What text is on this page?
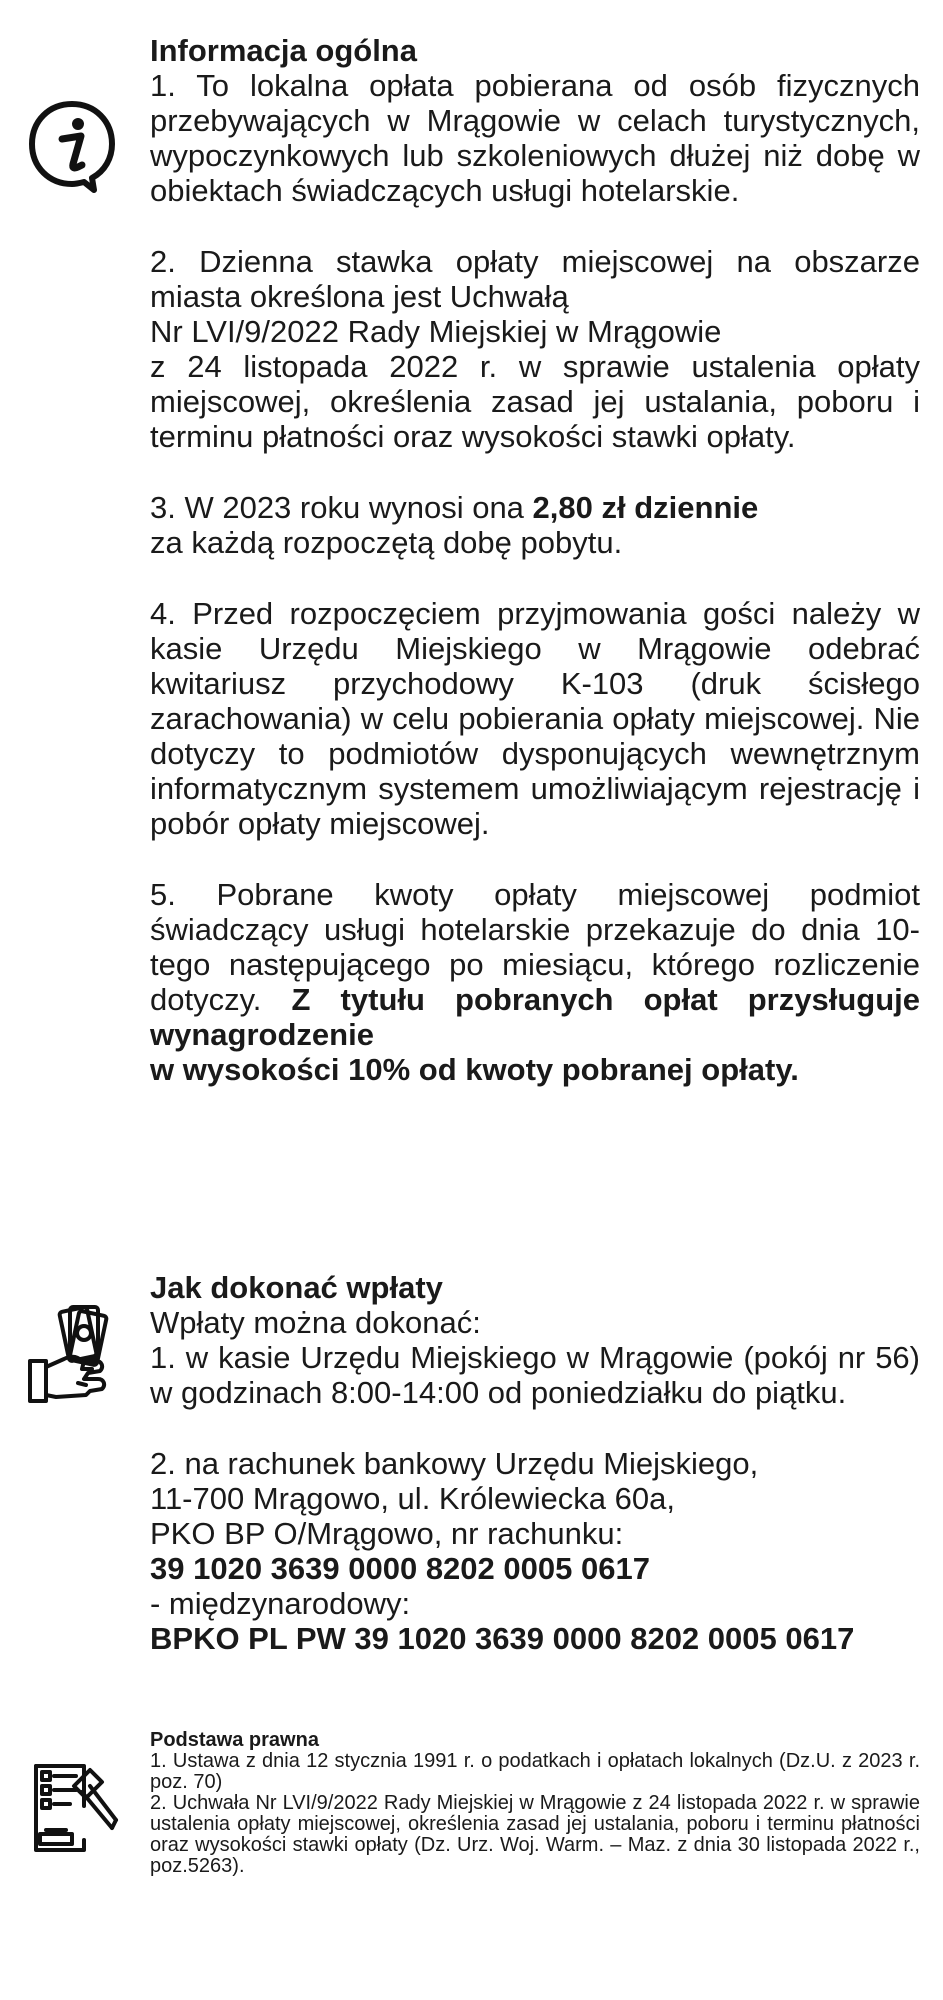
Informacja ogólna

1. To lokalna opłata pobierana od osób fizycznych przebywających w Mrągowie w celach turystycznych, wypoczynkowych lub szkoleniowych dłużej niż dobę w obiektach świadczących usługi hotelarskie.

2. Dzienna stawka opłaty miejscowej na obszarze miasta określona jest Uchwałą
Nr LVI/9/2022 Rady Miejskiej w Mrągowie
z 24 listopada 2022 r. w sprawie ustalenia opłaty miejscowej, określenia zasad jej ustalania, poboru i terminu płatności oraz wysokości stawki opłaty.

3. W 2023 roku wynosi ona 2,80 zł dziennie
za każdą rozpoczętą dobę pobytu.

4. Przed rozpoczęciem przyjmowania gości należy w kasie Urzędu Miejskiego w Mrągowie odebrać kwitariusz przychodowy K-103 (druk ścisłego zarachowania) w celu pobierania opłaty miejscowej. Nie dotyczy to podmiotów dysponujących wewnętrznym informatycznym systemem umożliwiającym rejestrację i pobór opłaty miejscowej.

5. Pobrane kwoty opłaty miejscowej podmiot świadczący usługi hotelarskie przekazuje do dnia 10-tego następującego po miesiącu, którego rozliczenie dotyczy. Z tytułu pobranych opłat przysługuje wynagrodzenie
w wysokości 10% od kwoty pobranej opłaty.

Jak dokonać wpłaty

Wpłaty można dokonać:

1. w kasie Urzędu Miejskiego w Mrągowie (pokój nr 56) w godzinach 8:00-14:00 od poniedziałku do piątku.

2. na rachunek bankowy Urzędu Miejskiego,
11-700 Mrągowo, ul. Królewiecka 60a,
PKO BP O/Mrągowo, nr rachunku:
39 1020 3639 0000 8202 0005 0617
- międzynarodowy:
BPKO PL PW 39 1020 3639 0000 8202 0005 0617

Podstawa prawna

1. Ustawa z dnia 12 stycznia 1991 r. o podatkach i opłatach lokalnych (Dz.U. z 2023 r. poz. 70)

2. Uchwała Nr LVI/9/2022 Rady Miejskiej w Mrągowie z 24 listopada 2022 r. w sprawie ustalenia opłaty miejscowej, określenia zasad jej ustalania, poboru i terminu płatności oraz wysokości stawki opłaty (Dz. Urz. Woj. Warm. – Maz. z dnia 30 listopada 2022 r., poz.5263).
